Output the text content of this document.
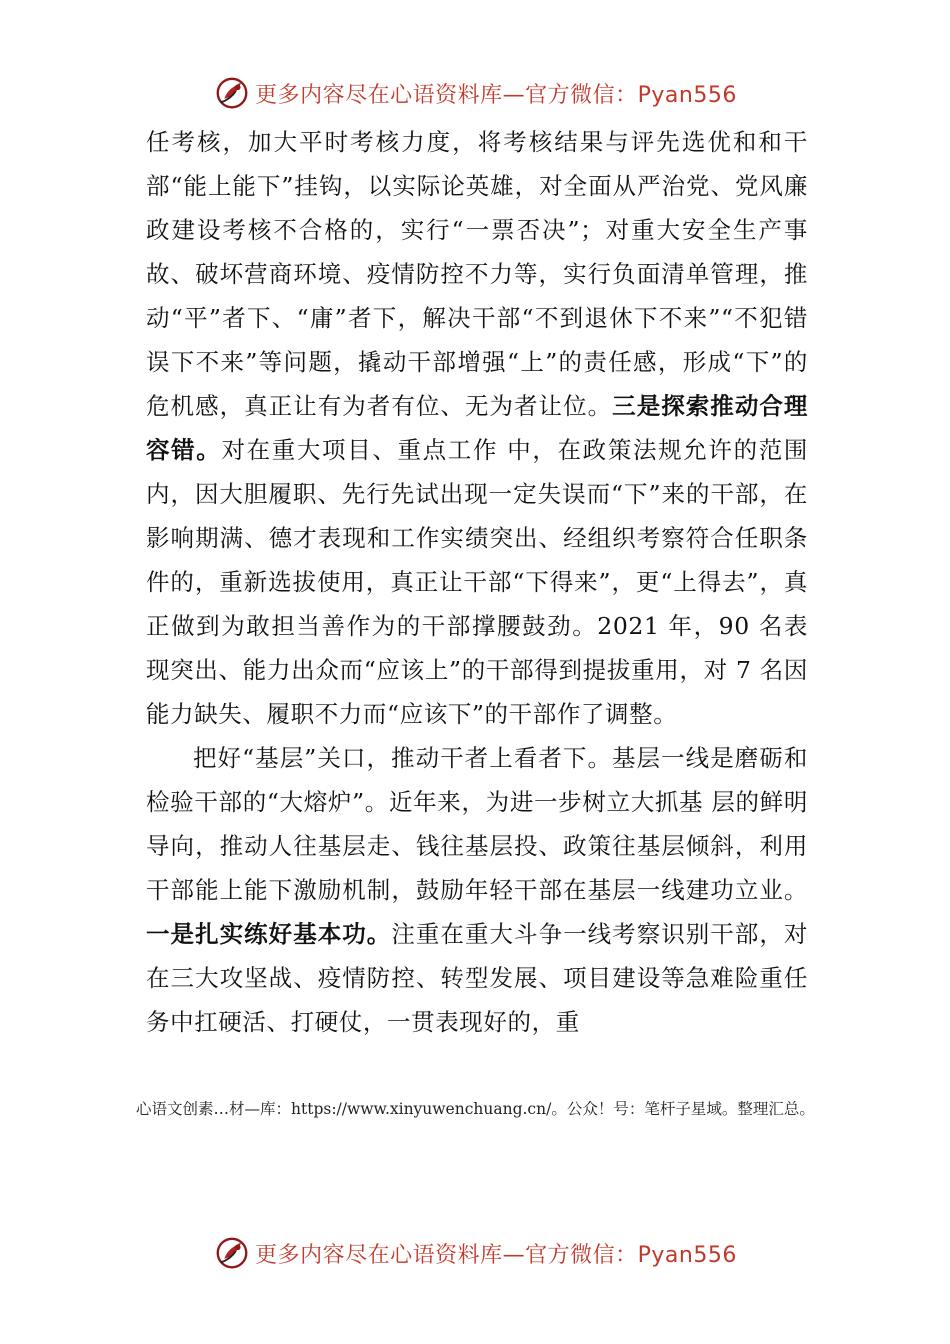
更多内容尽在心语资料库—官方微信：Pyan556

任考核，加大平时考核力度，将考核结果与评先选优和和干部“能上能下”挂钩，以实际论英雄，对全面从严治党、党风廉政建设考核不合格的，实行“一票否决”；对重大安全生产事故、破坏营商环境、疫情防控不力等，实行负面清单管理，推动“平”者下、“庸”者下，解决干部“不到退休下不来”“不犯错误下不来”等问题，撬动干部增强“上”的责任感，形成“下”的危机感，真正让有为者有位、无为者让位。三是探索推动合理容错。对在重大项目、重点工作 中，在政策法规允许的范围内，因大胆履职、先行先试出现一定失误而“下”来的干部，在影响期满、德才表现和工作实绩突出、经组织考察符合任职条件的，重新选拔使用，真正让干部“下得来”，更“上得去”，真正做到为敢担当善作为的干部撑腰鼓劲。2021 年，90 名表现突出、能力出众而“应该上”的干部得到提拔重用，对 7 名因能力缺失、履职不力而“应该下”的干部作了调整。

把好“基层”关口，推动干者上看者下。基层一线是磨砺和检验干部的“大熔炉”。近年来，为进一步树立大抓基 层的鲜明导向，推动人往基层走、钱往基层投、政策往基层倾斜，利用干部能上能下激励机制，鼓励年轻干部在基层一线建功立业。一是扎实练好基本功。注重在重大斗争一线考察识别干部，对在三大攻坚战、疫情防控、转型发展、项目建设等急难险重任务中扛硬活、打硬仗，一贯表现好的，重

心语文创素…材—库：https://www.xinyuwenchuang.cn/。公众！号：笔杆子星域。整理汇总。
更多内容尽在心语资料库—官方微信：Pyan556
